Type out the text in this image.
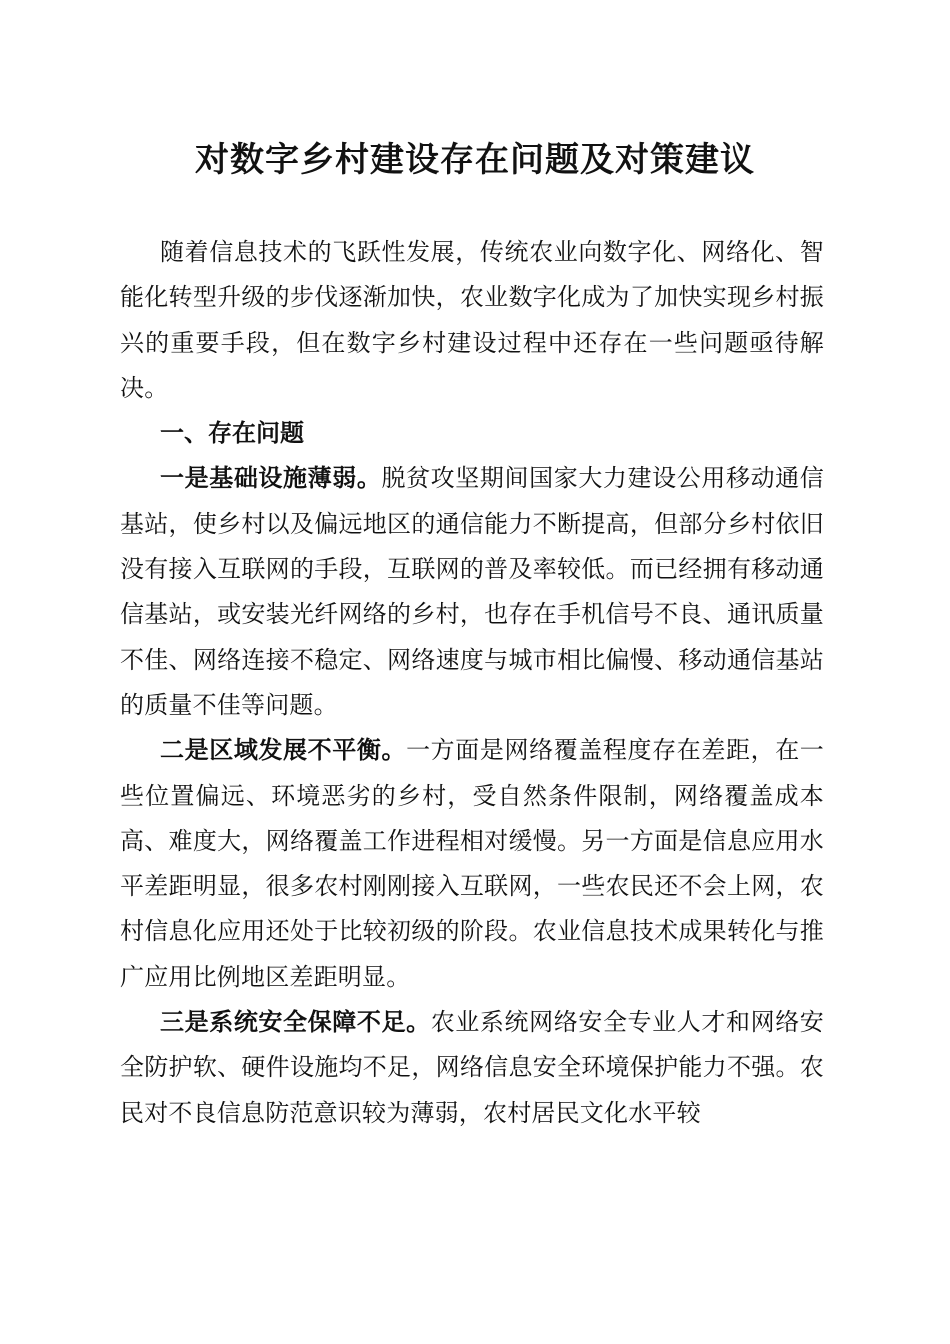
对数字乡村建设存在问题及对策建议

随着信息技术的飞跃性发展，传统农业向数字化、网络化、智能化转型升级的步伐逐渐加快，农业数字化成为了加快实现乡村振兴的重要手段，但在数字乡村建设过程中还存在一些问题亟待解决。

一、存在问题

一是基础设施薄弱。脱贫攻坚期间国家大力建设公用移动通信基站，使乡村以及偏远地区的通信能力不断提高，但部分乡村依旧没有接入互联网的手段，互联网的普及率较低。而已经拥有移动通信基站，或安装光纤网络的乡村，也存在手机信号不良、通讯质量不佳、网络连接不稳定、网络速度与城市相比偏慢、移动通信基站的质量不佳等问题。

二是区域发展不平衡。一方面是网络覆盖程度存在差距，在一些位置偏远、环境恶劣的乡村，受自然条件限制，网络覆盖成本高、难度大，网络覆盖工作进程相对缓慢。另一方面是信息应用水平差距明显，很多农村刚刚接入互联网，一些农民还不会上网，农村信息化应用还处于比较初级的阶段。农业信息技术成果转化与推广应用比例地区差距明显。

三是系统安全保障不足。农业系统网络安全专业人才和网络安全防护软、硬件设施均不足，网络信息安全环境保护能力不强。农民对不良信息防范意识较为薄弱，农村居民文化水平较
